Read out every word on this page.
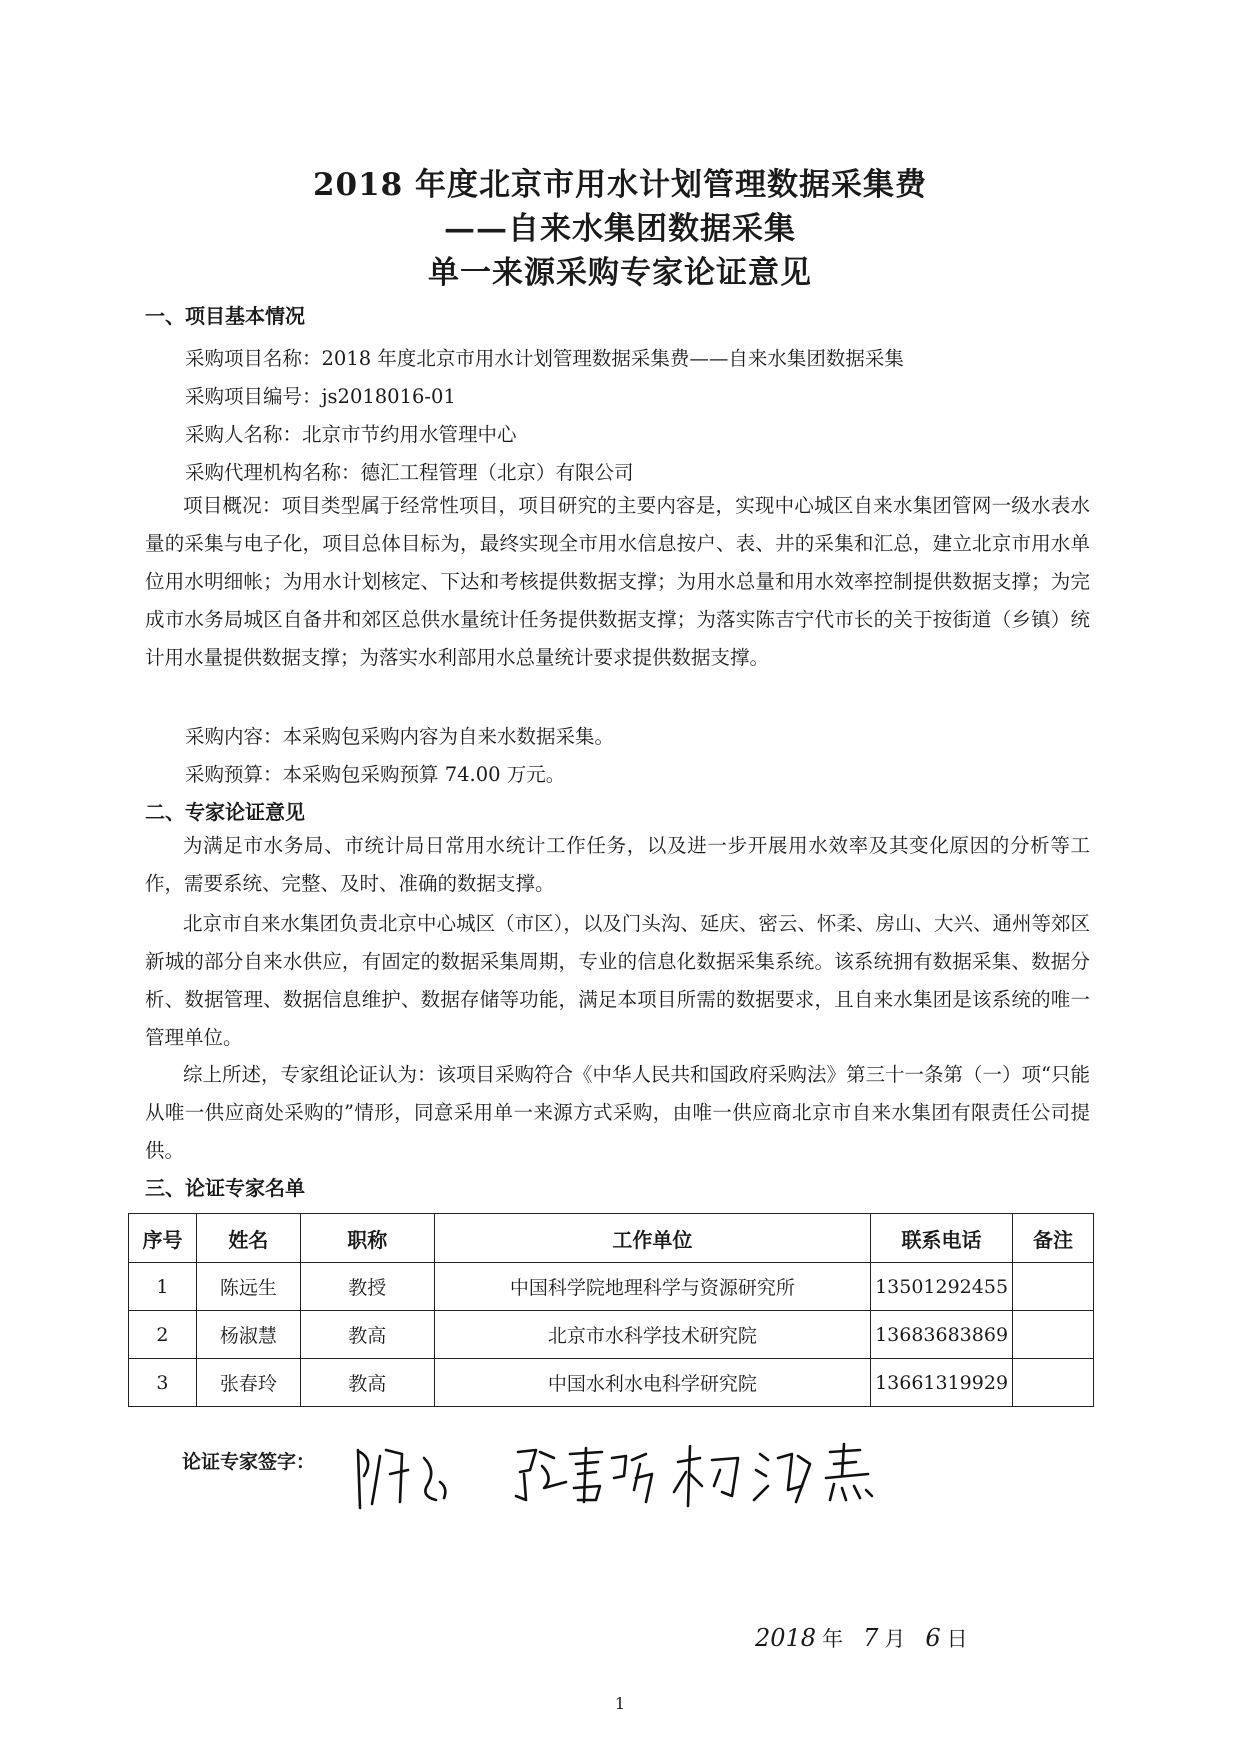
2018 年度北京市用水计划管理数据采集费
——自来水集团数据采集
单一来源采购专家论证意见
一、项目基本情况
采购项目名称：2018 年度北京市用水计划管理数据采集费——自来水集团数据采集
采购项目编号：js2018016-01
采购人名称：北京市节约用水管理中心
采购代理机构名称：德汇工程管理（北京）有限公司
项目概况：项目类型属于经常性项目，项目研究的主要内容是，实现中心城区自来水集团管网一级水表水量的采集与电子化，项目总体目标为，最终实现全市用水信息按户、表、井的采集和汇总，建立北京市用水单位用水明细帐；为用水计划核定、下达和考核提供数据支撑；为用水总量和用水效率控制提供数据支撑；为完成市水务局城区自备井和郊区总供水量统计任务提供数据支撑；为落实陈吉宁代市长的关于按街道（乡镇）统计用水量提供数据支撑；为落实水利部用水总量统计要求提供数据支撑。
采购内容：本采购包采购内容为自来水数据采集。
采购预算：本采购包采购预算 74.00 万元。
二、专家论证意见
为满足市水务局、市统计局日常用水统计工作任务，以及进一步开展用水效率及其变化原因的分析等工作，需要系统、完整、及时、准确的数据支撑。
北京市自来水集团负责北京中心城区（市区），以及门头沟、延庆、密云、怀柔、房山、大兴、通州等郊区新城的部分自来水供应，有固定的数据采集周期，专业的信息化数据采集系统。该系统拥有数据采集、数据分析、数据管理、数据信息维护、数据存储等功能，满足本项目所需的数据要求，且自来水集团是该系统的唯一管理单位。
综上所述，专家组论证认为：该项目采购符合《中华人民共和国政府采购法》第三十一条第（一）项“只能从唯一供应商处采购的”情形，同意采用单一来源方式采购，由唯一供应商北京市自来水集团有限责任公司提供。
三、论证专家名单
序号	姓名	职称	工作单位	联系电话	备注
1	陈远生	教授	中国科学院地理科学与资源研究所	13501292455	
2	杨淑慧	教高	北京市水科学技术研究院	13683683869	
3	张春玲	教高	中国水利水电科学研究院	13661319929	
论证专家签字：
2018 年 7 月 6 日
1
